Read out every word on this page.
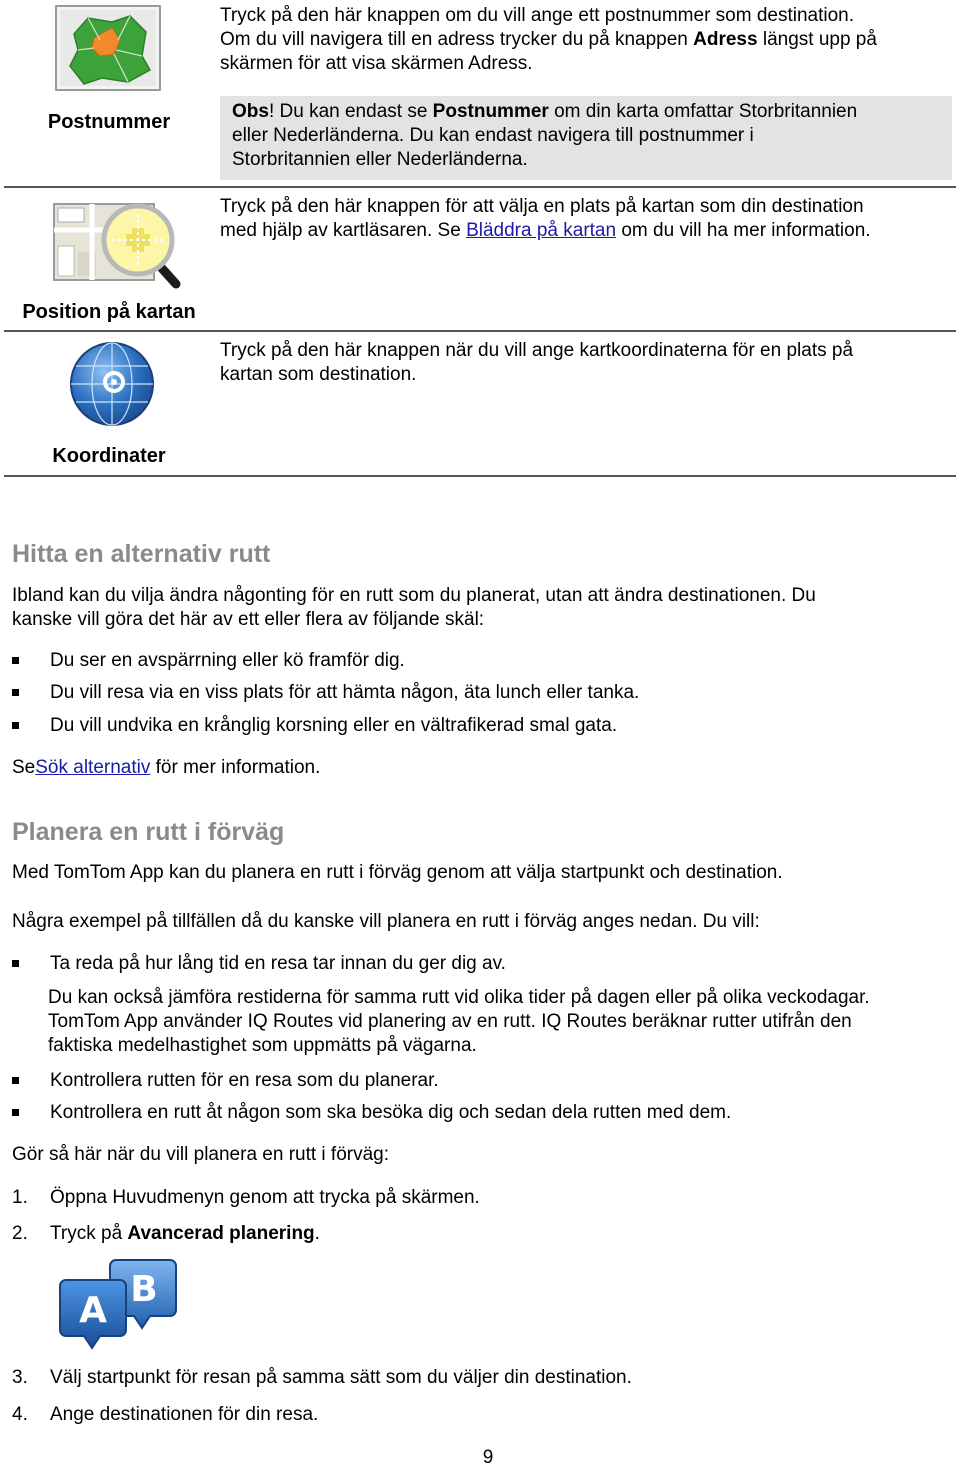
Postnummer
Tryck på den här knappen om du vill ange ett postnummer som destination.
Om du vill navigera till en adress trycker du på knappen Adress längst upp på
skärmen för att visa skärmen Adress.
Obs! Du kan endast se Postnummer om din karta omfattar Storbritannien
eller Nederländerna. Du kan endast navigera till postnummer i
Storbritannien eller Nederländerna.
Position på kartan
Tryck på den här knappen för att välja en plats på kartan som din destination
med hjälp av kartläsaren. Se Bläddra på kartan om du vill ha mer information.
Koordinater
Tryck på den här knappen när du vill ange kartkoordinaterna för en plats på
kartan som destination.
Hitta en alternativ rutt
Ibland kan du vilja ändra någonting för en rutt som du planerat, utan att ändra destinationen. Du
kanske vill göra det här av ett eller flera av följande skäl:
Du ser en avspärrning eller kö framför dig.
Du vill resa via en viss plats för att hämta någon, äta lunch eller tanka.
Du vill undvika en krånglig korsning eller en vältrafikerad smal gata.
SeSök alternativ för mer information.
Planera en rutt i förväg
Med TomTom App kan du planera en rutt i förväg genom att välja startpunkt och destination.
Några exempel på tillfällen då du kanske vill planera en rutt i förväg anges nedan. Du vill:
Ta reda på hur lång tid en resa tar innan du ger dig av.
Du kan också jämföra restiderna för samma rutt vid olika tider på dagen eller på olika veckodagar.
TomTom App använder IQ Routes vid planering av en rutt. IQ Routes beräknar rutter utifrån den
faktiska medelhastighet som uppmätts på vägarna.
Kontrollera rutten för en resa som du planerar.
Kontrollera en rutt åt någon som ska besöka dig och sedan dela rutten med dem.
Gör så här när du vill planera en rutt i förväg:
1. Öppna Huvudmenyn genom att trycka på skärmen.
2. Tryck på Avancerad planering.
B
A
3. Välj startpunkt för resan på samma sätt som du väljer din destination.
4. Ange destinationen för din resa.
9
